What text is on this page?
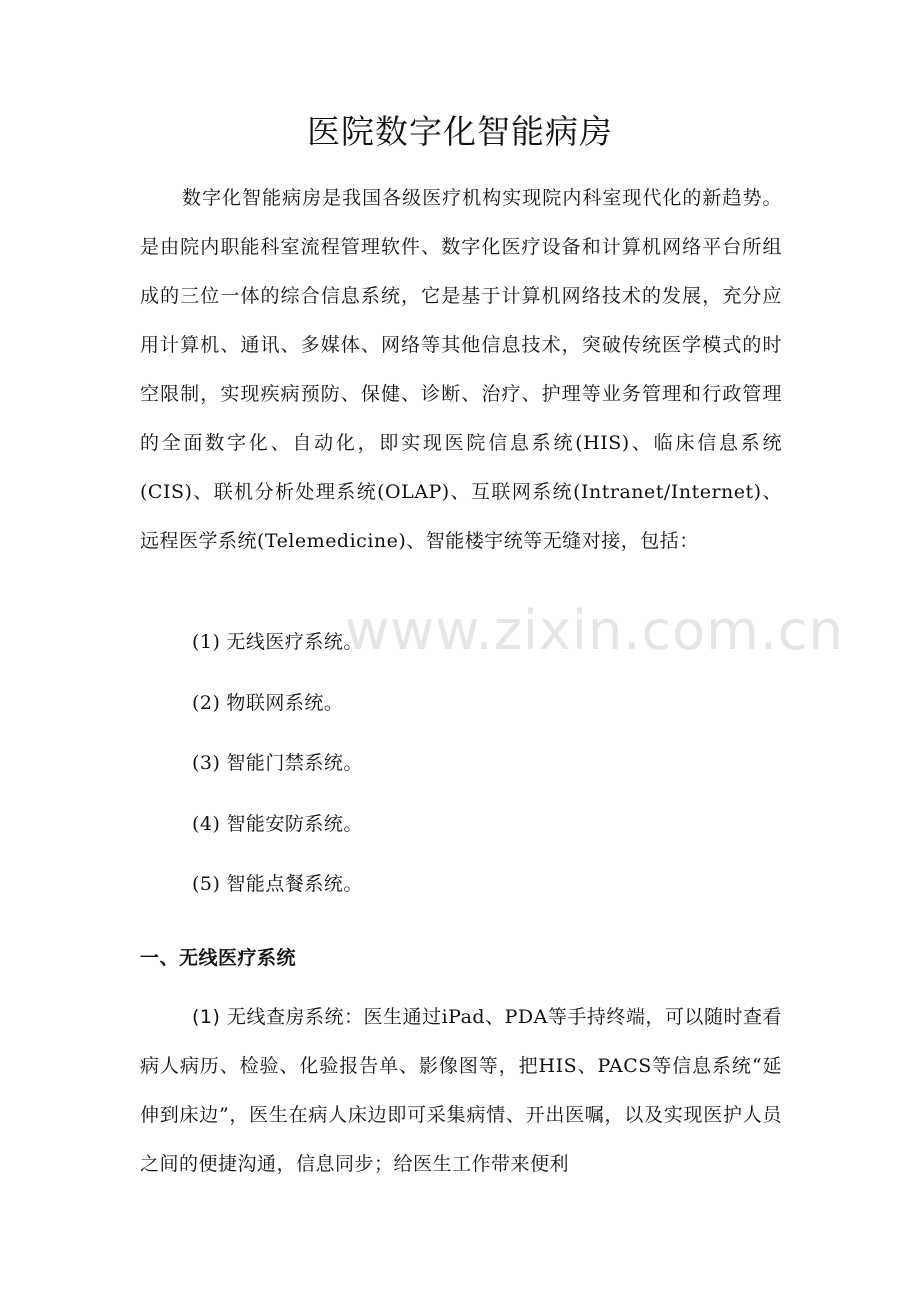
www.zixin.com.cn
医院数字化智能病房

数字化智能病房是我国各级医疗机构实现院内科室现代化的新趋势。是由院内职能科室流程管理软件、数字化医疗设备和计算机网络平台所组成的三位一体的综合信息系统，它是基于计算机网络技术的发展，充分应用计算机、通讯、多媒体、网络等其他信息技术，突破传统医学模式的时空限制，实现疾病预防、保健、诊断、治疗、护理等业务管理和行政管理的全面数字化、自动化，即实现医院信息系统(HIS)、临床信息系统(CIS)、联机分析处理系统(OLAP)、互联网系统(Intranet/Internet)、远程医学系统(Telemedicine)、智能楼宇统等无缝对接，包括：

(1) 无线医疗系统。
(2) 物联网系统。
(3) 智能门禁系统。
(4) 智能安防系统。
(5) 智能点餐系统。
一、无线医疗系统

(1) 无线查房系统：医生通过iPad、PDA等手持终端，可以随时查看病人病历、检验、化验报告单、影像图等，把HIS、PACS等信息系统“延伸到床边”，医生在病人床边即可采集病情、开出医嘱，以及实现医护人员之间的便捷沟通，信息同步；给医生工作带来便利
